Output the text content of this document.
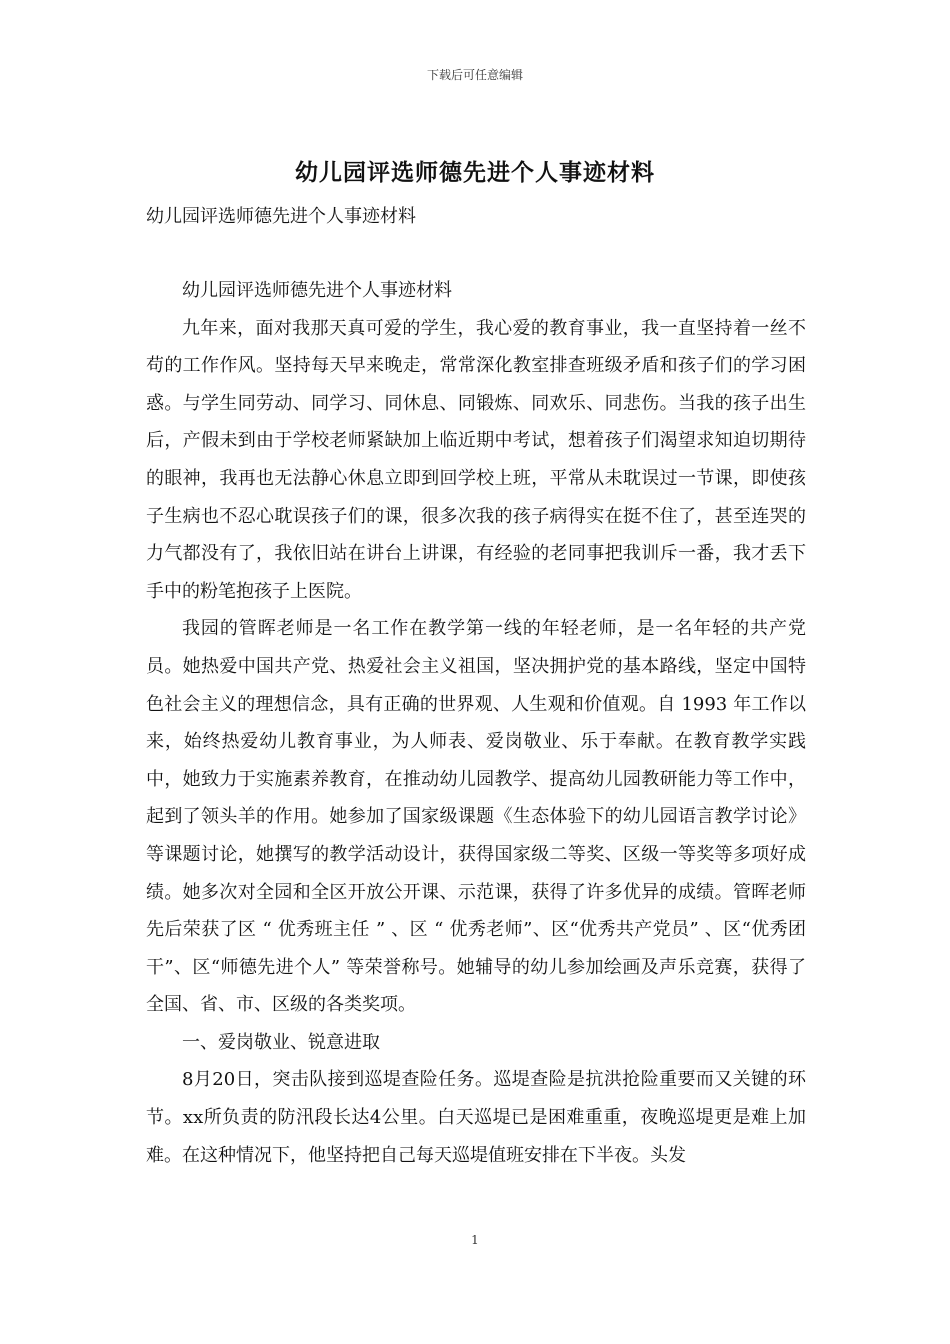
下载后可任意编辑
幼儿园评选师德先进个人事迹材料
幼儿园评选师德先进个人事迹材料

幼儿园评选师德先进个人事迹材料

九年来，面对我那天真可爱的学生，我心爱的教育事业，我一直坚持着一丝不苟的工作作风。坚持每天早来晚走，常常深化教室排查班级矛盾和孩子们的学习困惑。与学生同劳动、同学习、同休息、同锻炼、同欢乐、同悲伤。当我的孩子出生后，产假未到由于学校老师紧缺加上临近期中考试，想着孩子们渴望求知迫切期待的眼神，我再也无法静心休息立即到回学校上班，平常从未耽误过一节课，即使孩子生病也不忍心耽误孩子们的课，很多次我的孩子病得实在挺不住了，甚至连哭的力气都没有了，我依旧站在讲台上讲课，有经验的老同事把我训斥一番，我才丢下手中的粉笔抱孩子上医院。

我园的管晖老师是一名工作在教学第一线的年轻老师，是一名年轻的共产党员。她热爱中国共产党、热爱社会主义祖国，坚决拥护党的基本路线，坚定中国特色社会主义的理想信念，具有正确的世界观、人生观和价值观。自 1993 年工作以来，始终热爱幼儿教育事业，为人师表、爱岗敬业、乐于奉献。在教育教学实践中，她致力于实施素养教育，在推动幼儿园教学、提高幼儿园教研能力等工作中，起到了领头羊的作用。她参加了国家级课题《生态体验下的幼儿园语言教学讨论》等课题讨论，她撰写的教学活动设计，获得国家级二等奖、区级一等奖等多项好成绩。她多次对全园和全区开放公开课、示范课，获得了许多优异的成绩。管晖老师先后荣获了区 “ 优秀班主任 ” 、区 “ 优秀老师”、区“优秀共产党员” 、区“优秀团干”、区“师德先进个人” 等荣誉称号。她辅导的幼儿参加绘画及声乐竞赛，获得了全国、省、市、区级的各类奖项。

一、爱岗敬业、锐意进取

8月20日，突击队接到巡堤查险任务。巡堤查险是抗洪抢险重要而又关键的环节。xx所负责的防汛段长达4公里。白天巡堤已是困难重重，夜晚巡堤更是难上加难。在这种情况下，他坚持把自己每天巡堤值班安排在下半夜。头发

1
